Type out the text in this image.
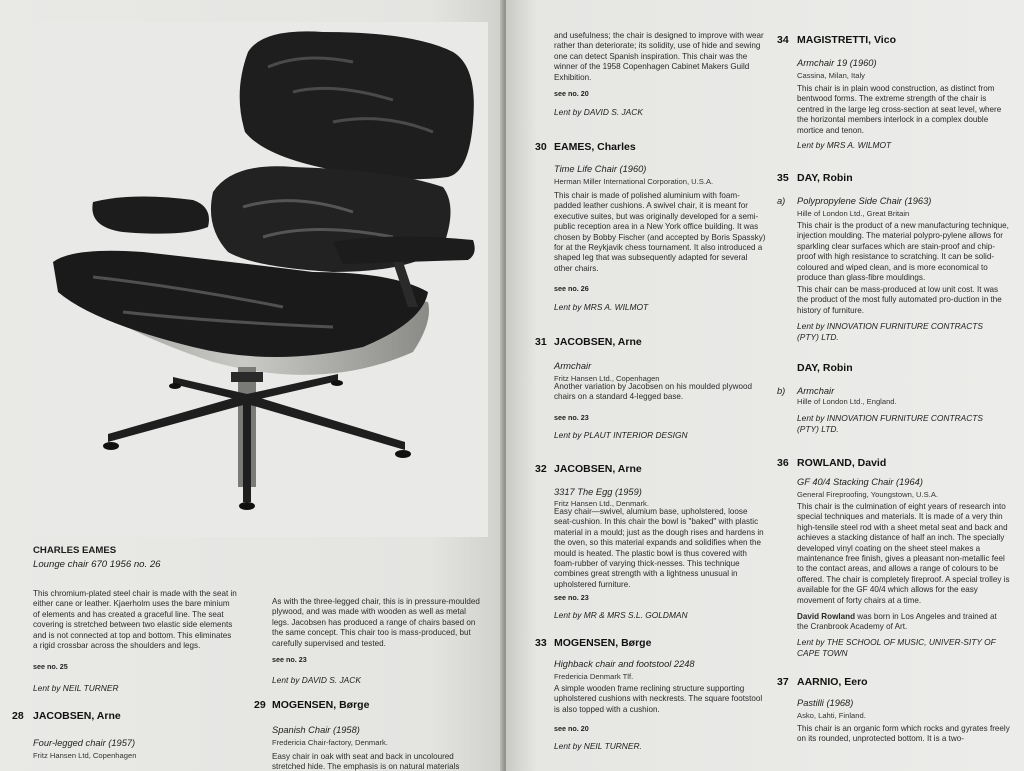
CHARLES EAMES
Lounge chair 670 1956 no. 26

This chromium-plated steel chair is made with the seat in either cane or leather. Kjaerholm uses the bare minium of elements and has created a graceful line. The seat covering is stretched between two elastic side elements and is not connected at top and bottom. This eliminates a rigid crossbar across the shoulders and legs.

see no. 25
Lent by NEIL TURNER

As with the three-legged chair, this is in pressure-moulded plywood, and was made with wooden as well as metal legs. Jacobsen has produced a range of chairs based on the same concept. This chair too is mass-produced, but carefully supervised and tested.

see no. 23
Lent by DAVID S. JACK
28 JACOBSEN, Arne
Four-legged chair (1957)
Fritz Hansen Ltd, Copenhagen
29 MOGENSEN, Børge
Spanish Chair (1958)
Fredericia Chair-factory, Denmark.

Easy chair in oak with seat and back in uncoloured stretched hide. The emphasis is on natural materials

and usefulness; the chair is designed to improve with wear rather than deteriorate; its solidity, use of hide and sewing one can detect Spanish inspiration. This chair was the winner of the 1958 Copenhagen Cabinet Makers Guild Exhibition.

see no. 20
Lent by DAVID S. JACK
30 EAMES, Charles
Time Life Chair (1960)
Herman Miller International Corporation, U.S.A.

This chair is made of polished aluminium with foam-padded leather cushions. A swivel chair, it is meant for executive suites, but was originally developed for a semi-public reception area in a New York office building. It was chosen by Bobby Fischer (and accepted by Boris Spassky) for at the Reykjavik chess tournament. It also introduced a shaped leg that was subsequently adapted for several other chairs.

see no. 26
Lent by MRS A. WILMOT
31 JACOBSEN, Arne
Armchair
Fritz Hansen Ltd., Copenhagen

Another variation by Jacobsen on his moulded plywood chairs on a standard 4-legged base.

see no. 23
Lent by PLAUT INTERIOR DESIGN
32 JACOBSEN, Arne
3317 The Egg (1959)
Fritz Hansen Ltd., Denmark.

Easy chair—swivel, alumium base, upholstered, loose seat-cushion. In this chair the bowl is "baked" with plastic material in a mould; just as the dough rises and hardens in the oven, so this material expands and solidifies when the mould is heated. The plastic bowl is thus covered with foam-rubber of varying thick-nesses. This technique combines great strength with a lightness unusual in upholstered furniture.

see no. 23
Lent by MR & MRS S.L. GOLDMAN
33 MOGENSEN, Børge
Highback chair and footstool 2248
Fredericia Denmark Tlf.

A simple wooden frame reclining structure supporting upholstered cushions with neckrests. The square footstool is also topped with a cushion.

see no. 20
Lent by NEIL TURNER.
34 MAGISTRETTI, Vico
Armchair 19 (1960)
Cassina, Milan, Italy

This chair is in plain wood construction, as distinct from bentwood forms. The extreme strength of the chair is centred in the large leg cross-section at seat level, where the horizontal members interlock in a complex double mortice and tenon.

Lent by MRS A. WILMOT
35 DAY, Robin
a) Polypropylene Side Chair (1963)
Hille of London Ltd., Great Britain

This chair is the product of a new manufacturing technique, injection moulding. The material polypro-pylene allows for sparkling clear surfaces which are stain-proof and chip-proof with high resistance to scratching. It can be solid-coloured and wiped clean, and is more economical to produce than glass-fibre mouldings.

This chair can be mass-produced at low unit cost. It was the product of the most fully automated pro-duction in the history of furniture.

Lent by INNOVATION FURNITURE CONTRACTS (PTY) LTD.
DAY, Robin
b) Armchair
Hille of London Ltd., England.
Lent by INNOVATION FURNITURE CONTRACTS (PTY) LTD.
36 ROWLAND, David
GF 40/4 Stacking Chair (1964)
General Fireproofing, Youngstown, U.S.A.

This chair is the culmination of eight years of research into special techniques and materials. It is made of a very thin high-tensile steel rod with a sheet metal seat and back and achieves a stacking distance of half an inch. The specially developed vinyl coating on the sheet steel makes a maintenance free finish, gives a pleasant non-metallic feel to the contact areas, and allows a range of colours to be offered. The chair is completely fireproof. A special trolley is available for the GF 40/4 which allows for the easy movement of forty chairs at a time.

David Rowland was born in Los Angeles and trained at the Cranbrook Academy of Art.

Lent by THE SCHOOL OF MUSIC, UNIVER-SITY OF CAPE TOWN
37 AARNIO, Eero
Pastilli (1968)
Asko, Lahti, Finland.

This chair is an organic form which rocks and gyrates freely on its rounded, unprotected bottom. It is a two-
